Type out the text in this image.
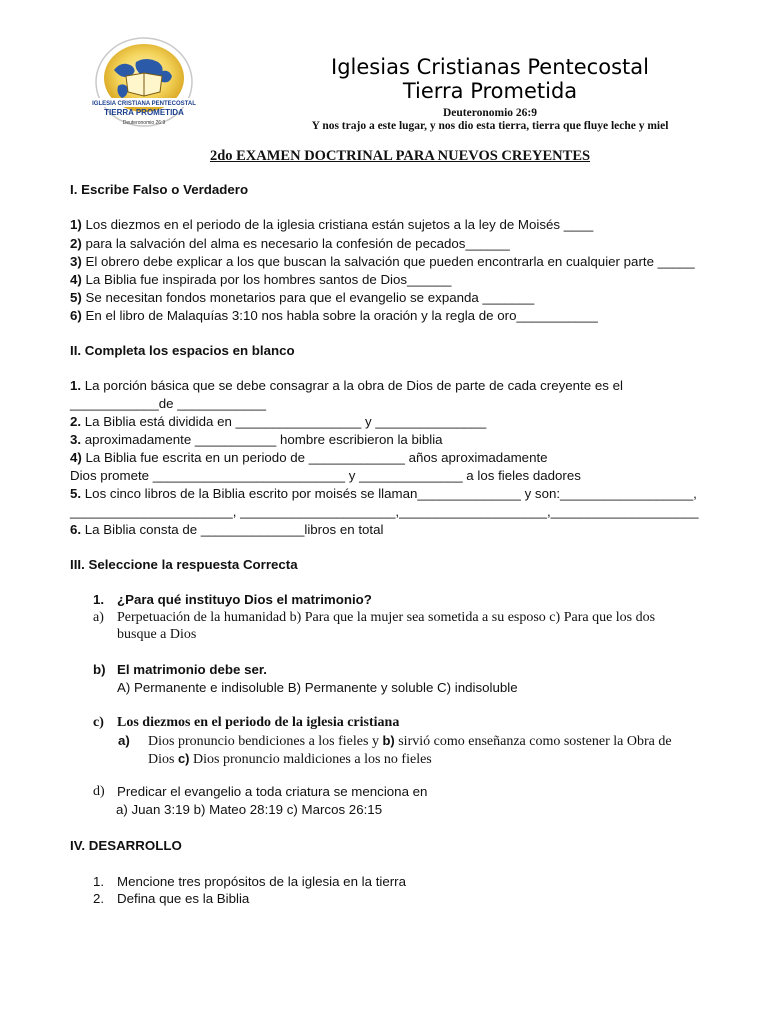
IGLESIA CRISTIANA PENTECOSTAL
TIERRA PROMETIDA
Deuteronomio 26:9
Iglesias Cristianas Pentecostal
Tierra Prometida
Deuteronomio 26:9
Y nos trajo a este lugar, y nos dio esta tierra, tierra que fluye leche y miel
2do EXAMEN DOCTRINAL PARA NUEVOS CREYENTES
I. Escribe Falso o Verdadero
1) Los diezmos en el periodo de la iglesia cristiana están sujetos a la ley de Moisés ____
2) para la salvación del alma es necesario la confesión de pecados______
3) El obrero debe explicar a los que buscan la salvación que pueden encontrarla en cualquier parte _____
4) La Biblia fue inspirada por los hombres santos de Dios______
5) Se necesitan fondos monetarios para que el evangelio se expanda _______
6) En el libro de Malaquías 3:10 nos habla sobre la oración y la regla de oro___________
II. Completa los espacios en blanco
1. La porción básica que se debe consagrar a la obra de Dios de parte de cada creyente es el
____________de ____________
2. La Biblia está dividida en _________________ y _______________
3. aproximadamente ___________ hombre escribieron la biblia
4) La Biblia fue escrita en un periodo de _____________ años aproximadamente
Dios promete __________________________ y ______________ a los fieles dadores
5. Los cinco libros de la Biblia escrito por moisés se llaman______________ y son:__________________,
______________________, _____________________,____________________,____________________
6. La Biblia consta de ______________libros en total
III. Seleccione la respuesta Correcta
1. ¿Para qué instituyo Dios el matrimonio?
a) Perpetuación de la humanidad b) Para que la mujer sea sometida a su esposo c) Para que los dos
busque a Dios
b) El matrimonio debe ser.
A) Permanente e indisoluble B) Permanente y soluble C) indisoluble
c) Los diezmos en el periodo de la iglesia cristiana
a) Dios pronuncio bendiciones a los fieles y b) sirvió como enseñanza como sostener la Obra de
Dios c) Dios pronuncio maldiciones a los no fieles
d) Predicar el evangelio a toda criatura se menciona en
a) Juan 3:19 b) Mateo 28:19 c) Marcos 26:15
IV. DESARROLLO
1. Mencione tres propósitos de la iglesia en la tierra
2. Defina que es la Biblia
